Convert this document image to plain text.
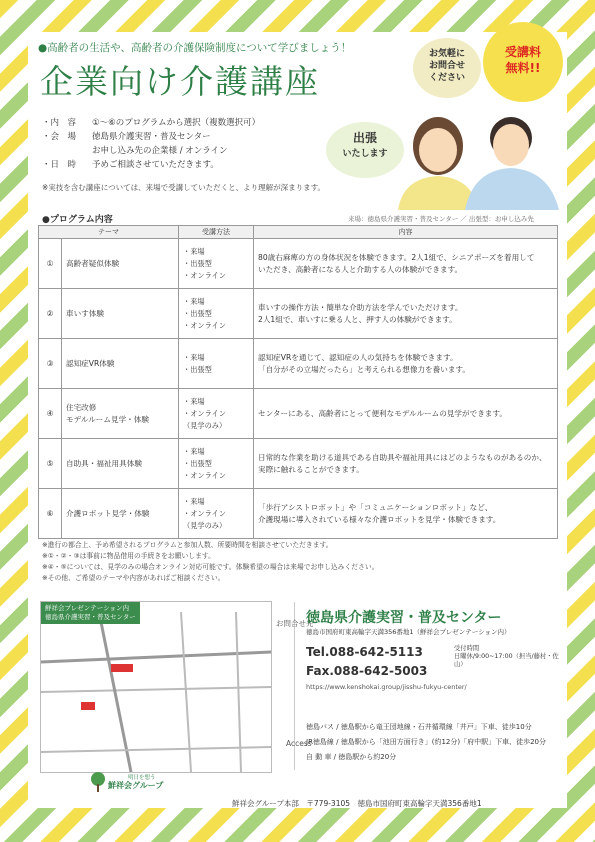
●高齢者の生活や、高齢者の介護保険制度について学びましょう！
企業向け介護講座
お気軽に
お問合せ
ください
受講料
無料!!
出張
いたします
・内　容	①～⑥のプログラムから選択（複数選択可）
・会　場	徳島県介護実習・普及センター
お申し込み先の企業様 / オンライン
・日　時	予めご相談させていただきます。
※実技を含む講座については、来場で受講していただくと、より理解が深まります。
●プログラム内容	来場：徳島県介護実習・普及センター ／ 出張型：お申し込み先
テーマ		受講方法	内容
①	高齢者疑似体験	・来場
・出張型
・オンライン	80歳右麻痺の方の身体状況を体験できます。2人1組で、シニアポーズを着用して
いただき、高齢者になる人と介助する人の体験ができます。
②	車いす体験	・来場
・出張型
・オンライン	車いすの操作方法・簡単な介助方法を学んでいただけます。
2人1組で、車いすに乗る人と、押す人の体験ができます。
③	認知症VR体験	・来場
・出張型	認知症VRを通じて、認知症の人の気持ちを体験できます。
「自分がその立場だったら」と考えられる想像力を養います。
④	住宅改修
モデルルーム見学・体験	・来場
・オンライン
（見学のみ）	センターにある、高齢者にとって便利なモデルルームの見学ができます。
⑤	自助具・福祉用具体験	・来場
・出張型
・オンライン	日常的な作業を助ける道具である自助具や福祉用具にはどのようなものがあるのか、実際に触れることができます。
⑥	介護ロボット見学・体験	・来場
・オンライン
（見学のみ）	「歩行アシストロボット」や「コミュニケーションロボット」など、
介護現場に導入されている様々な介護ロボットを見学・体験できます。
※進行の都合上、予め希望されるプログラムと参加人数、所要時間を相談させていただきます。
※①・②・③は事前に物品借用の手続きをお願いします。
※④・⑤については、見学のみの場合オンライン対応可能です。体験希望の場合は来場でお申し込みください。
※その他、ご希望のテーマや内容があればご相談ください。
鮮祥会プレゼンテーション内
徳島県介護実習・普及センター
お問合せ先
徳島県介護実習・普及センター
徳島市国府町東高輪字天満356番地1（鮮祥会プレゼンテーション内）
Tel.088-642-5113
Fax.088-642-5003
受付時間
日曜休/9:00~17:00（担当/藤村・佐山）
https://www.kenshokai.group/jisshu-fukyu-center/
Access
徳島バス / 徳島駅から竜王団地線・石井循環線「井戸」下車、徒歩10分
JR徳島線 / 徳島駅から「池田方面行き」(約12分)「府中駅」下車、徒歩20分
自 動 車 / 徳島駅から約20分
明日を想う
鮮祥会グループ
鮮祥会グループ本部　〒779-3105　徳島市国府町東高輪字天満356番地1
